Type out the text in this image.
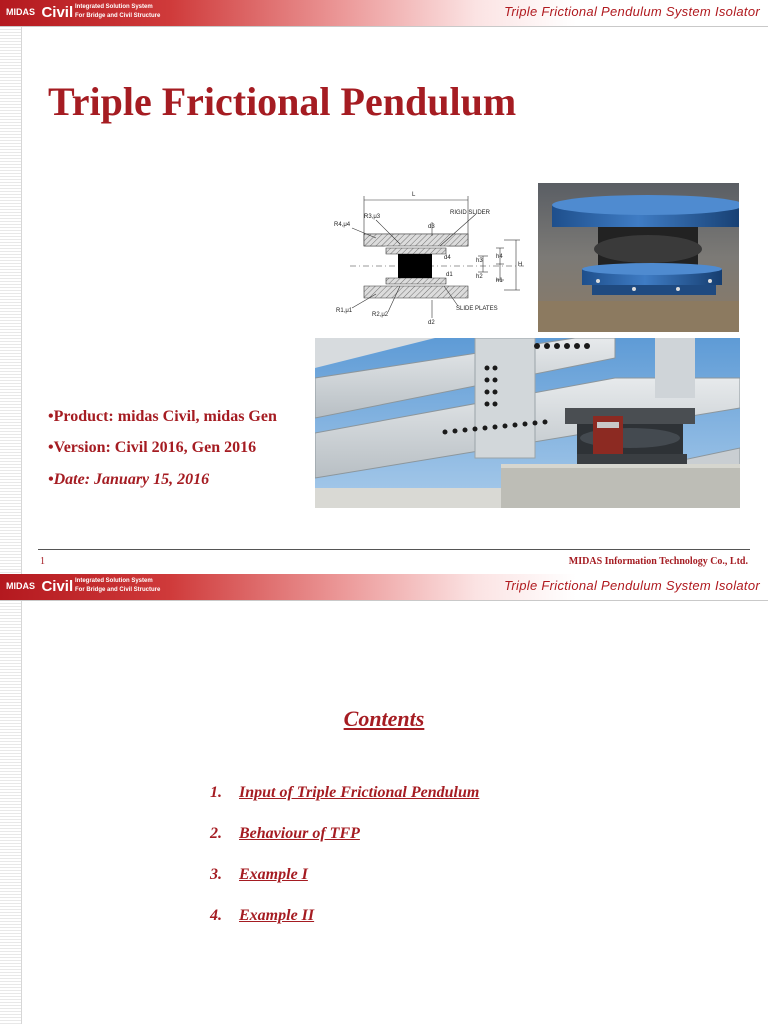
MIDAS Civil Integrated Solution System
For Bridge and Civil Structure	Triple Frictional Pendulum System Isolator
Triple Frictional Pendulum
L
R4,μ4
R3,μ3
RIGID SLIDER
d3
d4
d1
d2
h3
h2
h4
h1
H
R1,μ1
R2,μ2
SLIDE PLATES

•Product: midas Civil, midas Gen

•Version: Civil 2016, Gen 2016

•Date: January 15, 2016

1	MIDAS Information Technology Co., Ltd.
MIDAS Civil Integrated Solution System
For Bridge and Civil Structure	Triple Frictional Pendulum System Isolator
Contents
1. Input of Triple Frictional Pendulum
2. Behaviour of TFP
3. Example I
4. Example II
